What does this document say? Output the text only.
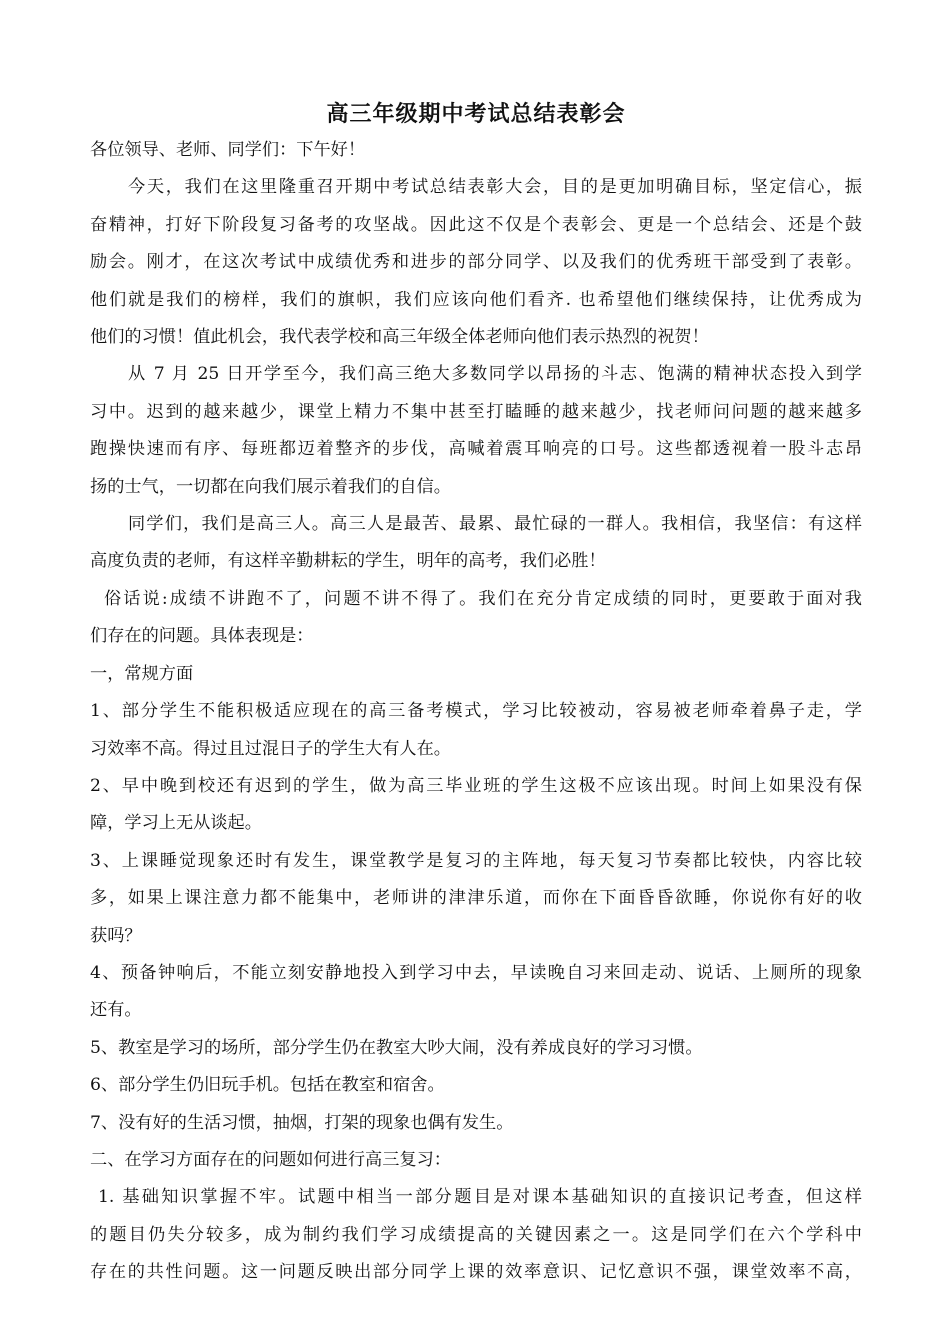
高三年级期中考试总结表彰会

各位领导、老师、同学们：下午好！

今天，我们在这里隆重召开期中考试总结表彰大会，目的是更加明确目标，坚定信心，振

奋精神，打好下阶段复习备考的攻坚战。因此这不仅是个表彰会、更是一个总结会、还是个鼓

励会。刚才，在这次考试中成绩优秀和进步的部分同学、以及我们的优秀班干部受到了表彰。

他们就是我们的榜样，我们的旗帜，我们应该向他们看齐. 也希望他们继续保持，让优秀成为

他们的习惯！值此机会，我代表学校和高三年级全体老师向他们表示热烈的祝贺！

从 7 月 25 日开学至今，我们高三绝大多数同学以昂扬的斗志、饱满的精神状态投入到学

习中。迟到的越来越少，课堂上精力不集中甚至打瞌睡的越来越少，找老师问问题的越来越多

跑操快速而有序、每班都迈着整齐的步伐，高喊着震耳响亮的口号。这些都透视着一股斗志昂

扬的士气，一切都在向我们展示着我们的自信。

同学们，我们是高三人。高三人是最苦、最累、最忙碌的一群人。我相信，我坚信：有这样

高度负责的老师，有这样辛勤耕耘的学生，明年的高考，我们必胜！

俗话说:成绩不讲跑不了，问题不讲不得了。我们在充分肯定成绩的同时，更要敢于面对我

们存在的问题。具体表现是：

一，常规方面

1、部分学生不能积极适应现在的高三备考模式，学习比较被动，容易被老师牵着鼻子走，学

习效率不高。得过且过混日子的学生大有人在。

2、早中晚到校还有迟到的学生，做为高三毕业班的学生这极不应该出现。时间上如果没有保

障，学习上无从谈起。

3、上课睡觉现象还时有发生，课堂教学是复习的主阵地，每天复习节奏都比较快，内容比较

多，如果上课注意力都不能集中，老师讲的津津乐道，而你在下面昏昏欲睡，你说你有好的收

获吗？

4、预备钟响后，不能立刻安静地投入到学习中去，早读晚自习来回走动、说话、上厕所的现象

还有。

5、教室是学习的场所，部分学生仍在教室大吵大闹，没有养成良好的学习习惯。

6、部分学生仍旧玩手机。包括在教室和宿舍。

7、没有好的生活习惯，抽烟，打架的现象也偶有发生。

二、在学习方面存在的问题如何进行高三复习：

1. 基础知识掌握不牢。试题中相当一部分题目是对课本基础知识的直接识记考查，但这样

的题目仍失分较多，成为制约我们学习成绩提高的关键因素之一。这是同学们在六个学科中

存在的共性问题。这一问题反映出部分同学上课的效率意识、记忆意识不强，课堂效率不高，
